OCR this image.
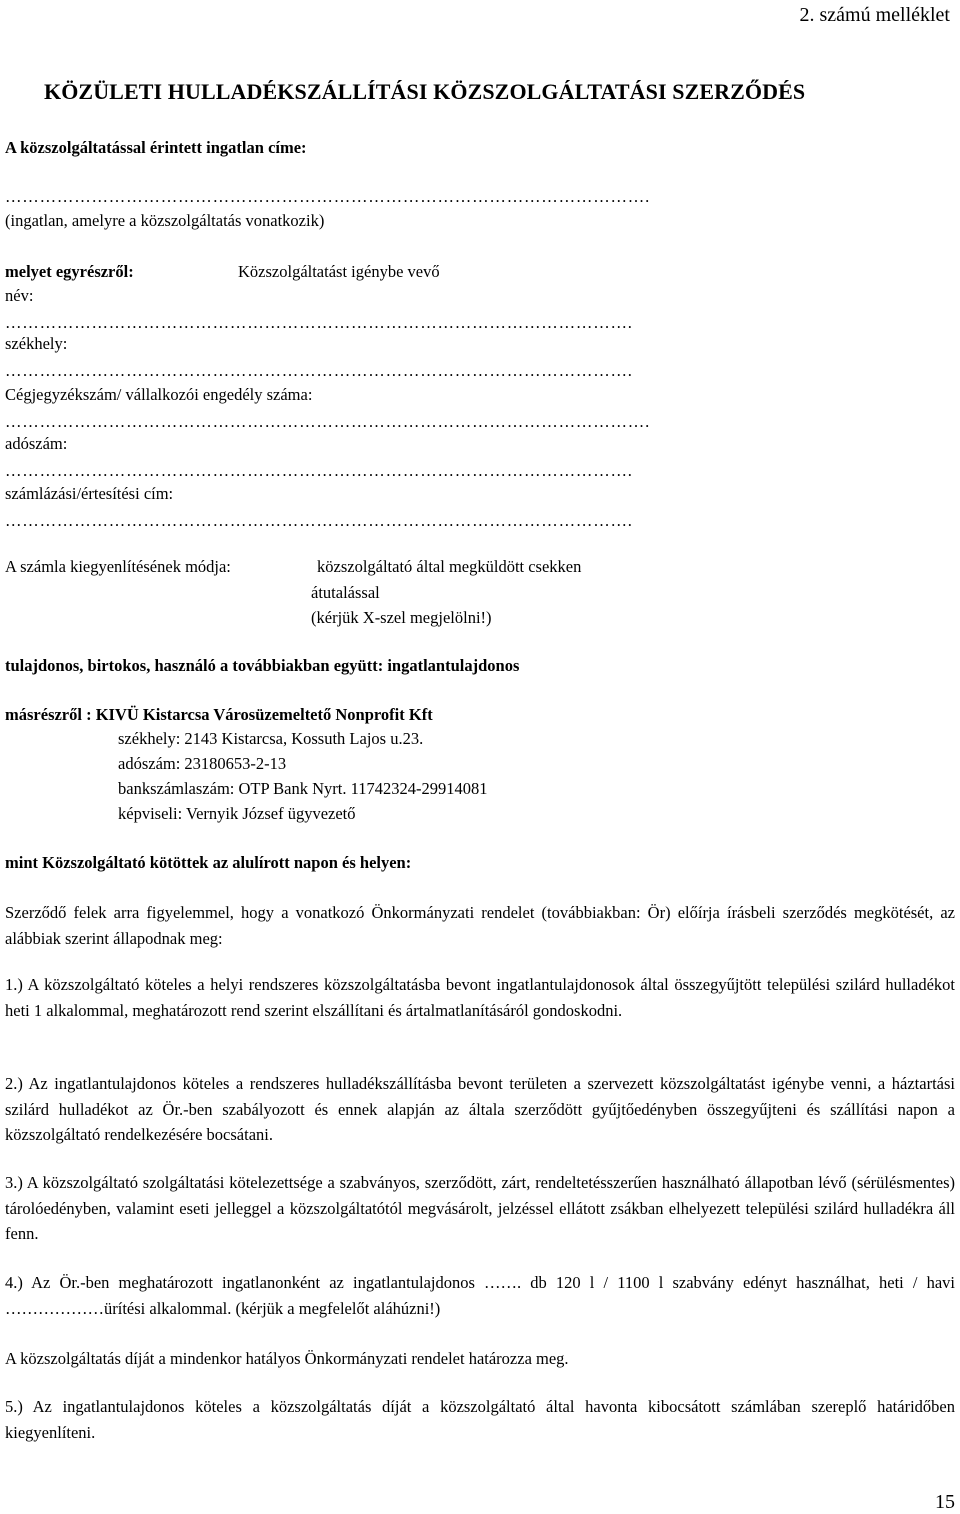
2. számú melléklet
KÖZÜLETI HULLADÉKSZÁLLÍTÁSI KÖZSZOLGÁLTATÁSI SZERZŐDÉS
A közszolgáltatással érintett ingatlan címe:
………………………………………………………………………………………………….
(ingatlan, amelyre a közszolgáltatás vonatkozik)
melyet egyrészről:	Közszolgáltatást igénybe vevő
név:
……………………………………………………………………………………………….
székhely:
……………………………………………………………………………………………….
Cégjegyzékszám/ vállalkozói engedély száma:
………………………………………………………………………………………………….
adószám:
……………………………………………………………………………………………….
számlázási/értesítési cím:
……………………………………………………………………………………………….
A számla kiegyenlítésének módja:	közszolgáltató által megküldött csekken
átutalással
(kérjük X-szel megjelölni!)
tulajdonos, birtokos, használó a továbbiakban együtt: ingatlantulajdonos
másrészről : KIVÜ Kistarcsa Városüzemeltető Nonprofit Kft
székhely: 2143 Kistarcsa, Kossuth Lajos u.23.
adószám: 23180653-2-13
bankszámlaszám: OTP Bank Nyrt. 11742324-29914081
képviseli: Vernyik József ügyvezető
mint Közszolgáltató kötöttek az alulírott napon és helyen:

Szerződő felek arra figyelemmel, hogy a vonatkozó Önkormányzati rendelet (továbbiakban: Ör) előírja írásbeli szerződés megkötését, az alábbiak szerint állapodnak meg:

1.) A közszolgáltató köteles a helyi rendszeres közszolgáltatásba bevont ingatlantulajdonosok által összegyűjtött települési szilárd hulladékot heti 1 alkalommal, meghatározott rend szerint elszállítani és ártalmatlanításáról gondoskodni.

2.) Az ingatlantulajdonos köteles a rendszeres hulladékszállításba bevont területen a szervezett közszolgáltatást igénybe venni, a háztartási szilárd hulladékot az Ör.-ben szabályozott és ennek alapján az általa szerződött gyűjtőedényben összegyűjteni és szállítási napon a közszolgáltató rendelkezésére bocsátani.

3.) A közszolgáltató szolgáltatási kötelezettsége a szabványos, szerződött, zárt, rendeltetésszerűen használható állapotban lévő (sérülésmentes) tárolóedényben, valamint eseti jelleggel a közszolgáltatótól megvásárolt, jelzéssel ellátott zsákban elhelyezett települési szilárd hulladékra áll fenn.

4.) Az Ör.-ben meghatározott ingatlanonként az ingatlantulajdonos ……. db 120 l / 1100 l szabvány edényt használhat, heti / havi ………………ürítési alkalommal. (kérjük a megfelelőt aláhúzni!)

A közszolgáltatás díját a mindenkor hatályos Önkormányzati rendelet határozza meg.

5.) Az ingatlantulajdonos köteles a közszolgáltatás díját a közszolgáltató által havonta kibocsátott számlában szereplő határidőben kiegyenlíteni.

15
